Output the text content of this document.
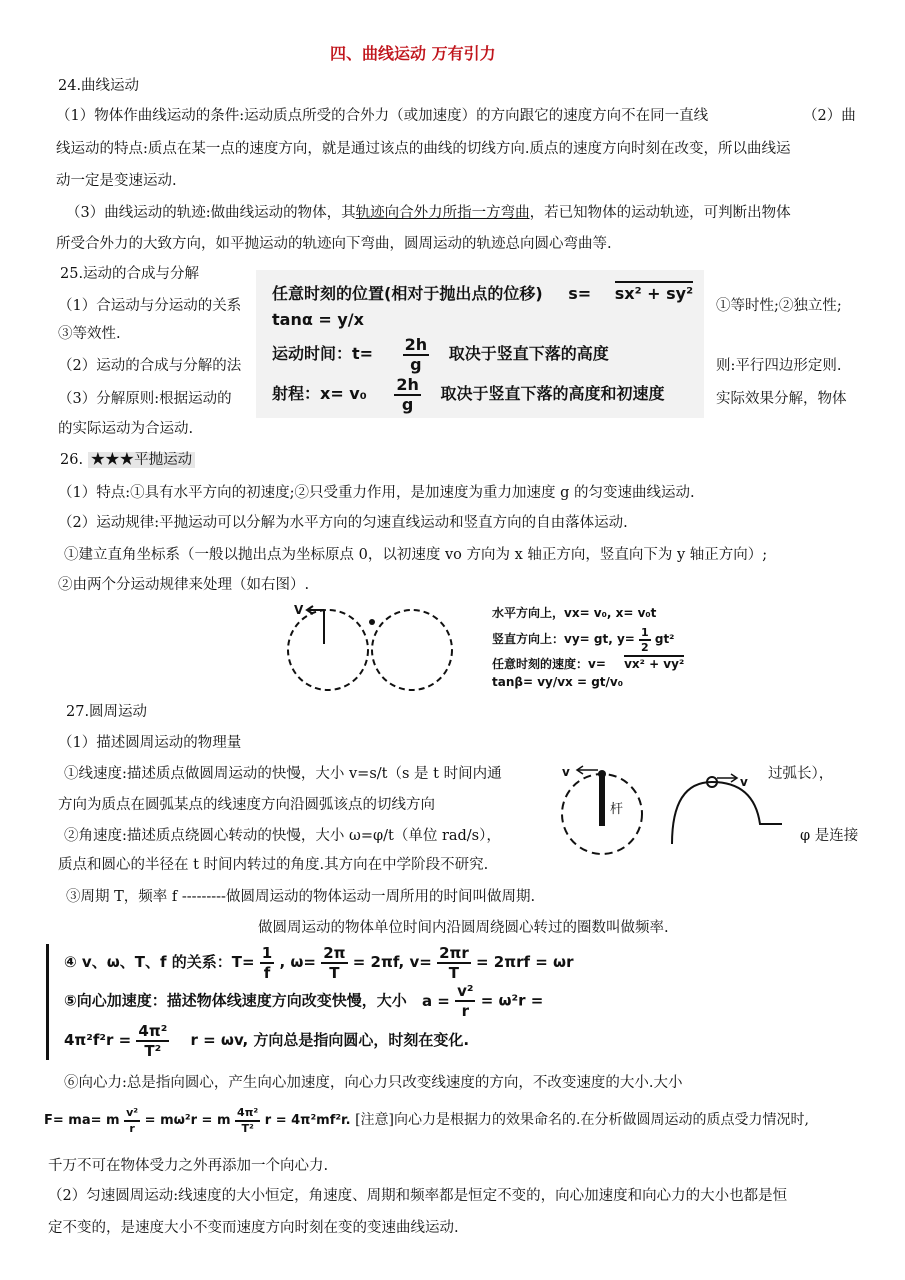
四、曲线运动 万有引力
24.曲线运动
（1）物体作曲线运动的条件:运动质点所受的合外力（或加速度）的方向跟它的速度方向不在同一直线	（2）曲
线运动的特点:质点在某一点的速度方向，就是通过该点的曲线的切线方向.质点的速度方向时刻在改变，所以曲线运
动一定是变速运动.
（3）曲线运动的轨迹:做曲线运动的物体，其轨迹向合外力所指一方弯曲，若已知物体的运动轨迹，可判断出物体
所受合外力的大致方向，如平抛运动的轨迹向下弯曲，圆周运动的轨迹总向圆心弯曲等.
25.运动的合成与分解
（1）合运动与分运动的关系	①等时性;②独立性;
③等效性.
（2）运动的合成与分解的法	则:平行四边形定则.
（3）分解原则:根据运动的	实际效果分解，物体
的实际运动为合运动.
任意时刻的位置(相对于抛出点的位移) s= sx² + sy²
tanα = y/x
运动时间：$t= \frac{2h}{g}$ 取决于竖直下落的高度
射程：$x= v_0 \frac{2h}{g}$ 取决于竖直下落的高度和初速度
26. ★★★平抛运动
（1）特点:①具有水平方向的初速度;②只受重力作用，是加速度为重力加速度 g 的匀变速曲线运动.
（2）运动规律:平抛运动可以分解为水平方向的匀速直线运动和竖直方向的自由落体运动.
①建立直角坐标系（一般以抛出点为坐标原点 0，以初速度 vo 方向为 x 轴正方向，竖直向下为 y 轴正方向）;
②由两个分运动规律来处理（如右图）.
V	水平方向上，vx= v₀, x= v₀t
竖直方向上：vy= gt, $y= \frac{1}{2} gt^2$
任意时刻的速度：v= vx² + vy²
tanβ= vy/vx = gt/v₀
27.圆周运动
（1）描述圆周运动的物理量
①线速度:描述质点做圆周运动的快慢，大小 v=s/t（s 是 t 时间内通	过弧长），
方向为质点在圆弧某点的线速度方向沿圆弧该点的切线方向
②角速度:描述质点绕圆心转动的快慢，大小 ω=φ/t（单位 rad/s），	φ 是连接
质点和圆心的半径在 t 时间内转过的角度.其方向在中学阶段不研究.
③周期 T，频率 f ---------做圆周运动的物体运动一周所用的时间叫做周期.
做圆周运动的物体单位时间内沿圆周绕圆心转过的圈数叫做频率.
v
杆
v
④ v、ω、T、f 的关系：$T= \frac{1}{f}$ , $\omega= \frac{2\pi}{T} = 2\pi f$, $v= \frac{2\pi r}{T} = 2\pi rf = \omega r$
⑤向心加速度：描述物体线速度方向改变快慢，大小 $a = \frac{\text{v²}}{r} = \omega^2r$ =
$4\pi^2f^2r = \frac{\text{4π²}}{\text{T²}}$ r = ωv, 方向总是指向圆心，时刻在变化.
⑥向心力:总是指向圆心，产生向心加速度，向心力只改变线速度的方向，不改变速度的大小.大小
F= ma= m $\frac{\text{v²}}{r} = m\omega^2r = m \frac{\text{4π²}}{\text{T²}}$ r = 4π²mf²r. [注意]向心力是根据力的效果命名的.在分析做圆周运动的质点受力情况时,
千万不可在物体受力之外再添加一个向心力.
（2）匀速圆周运动:线速度的大小恒定，角速度、周期和频率都是恒定不变的，向心加速度和向心力的大小也都是恒
定不变的，是速度大小不变而速度方向时刻在变的变速曲线运动.
